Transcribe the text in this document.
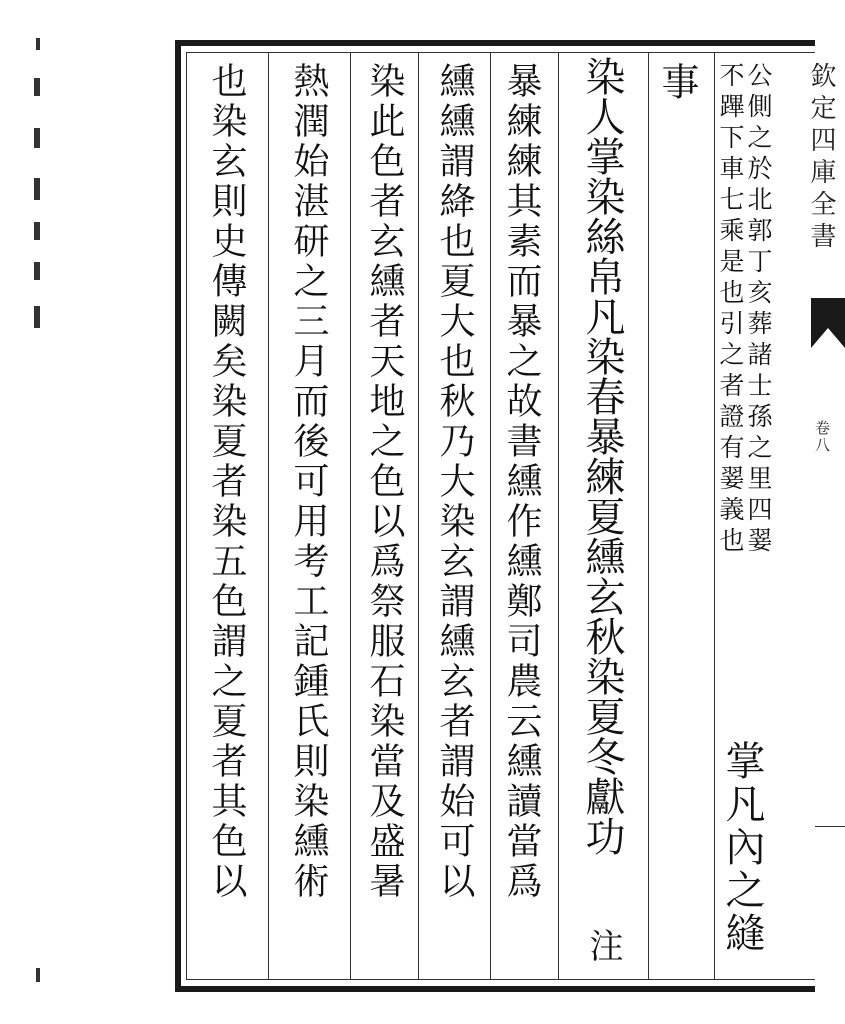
欽定四庫全書
卷八
公側之於北郭丁亥葬諸士孫之里四翣
不蹕下車七乘是也引之者證有翣義也
掌凡內之縫
事
染人掌染絲帛凡染春暴練夏纁玄秋染夏冬獻功
注
暴練練其素而暴之故書纁作纁鄭司農云纁讀當爲
纁纁謂絳也夏大也秋乃大染玄謂纁玄者謂始可以
染此色者玄纁者天地之色以爲祭服石染當及盛暑
熱潤始湛研之三月而後可用考工記鍾氏則染纁術
也染玄則史傳闕矣染夏者染五色謂之夏者其色以
